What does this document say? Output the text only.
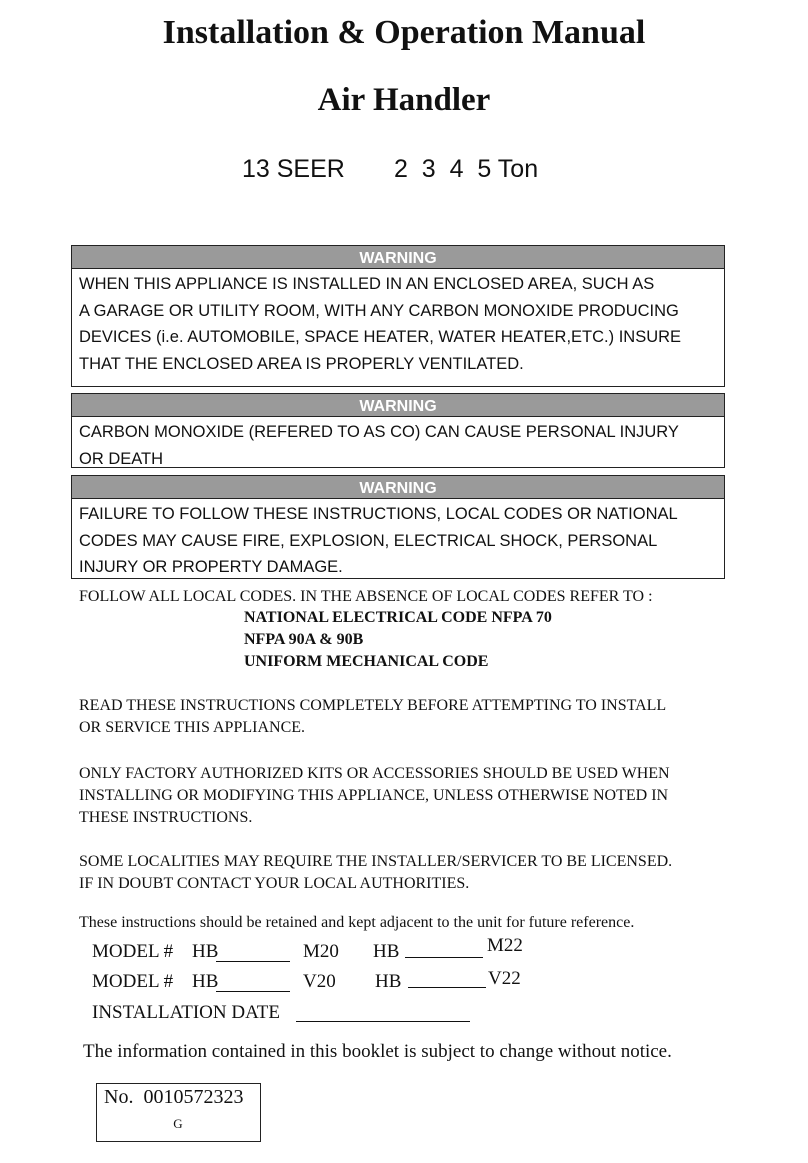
Installation & Operation Manual
Air Handler
13 SEER 2  3  4  5 Ton
WARNING
WHEN THIS APPLIANCE IS INSTALLED IN AN ENCLOSED AREA, SUCH AS
A GARAGE OR UTILITY ROOM, WITH ANY CARBON MONOXIDE PRODUCING
DEVICES (i.e. AUTOMOBILE, SPACE HEATER, WATER HEATER,ETC.) INSURE
THAT THE ENCLOSED AREA IS PROPERLY VENTILATED.
WARNING
CARBON MONOXIDE (REFERED TO AS CO) CAN CAUSE PERSONAL INJURY
OR DEATH
WARNING
FAILURE TO FOLLOW THESE INSTRUCTIONS, LOCAL CODES OR NATIONAL
CODES MAY CAUSE FIRE, EXPLOSION, ELECTRICAL SHOCK, PERSONAL
INJURY OR PROPERTY DAMAGE.
FOLLOW ALL LOCAL CODES. IN THE ABSENCE OF LOCAL CODES REFER TO :
NATIONAL ELECTRICAL CODE NFPA 70
NFPA 90A & 90B
UNIFORM MECHANICAL CODE
READ THESE INSTRUCTIONS COMPLETELY BEFORE ATTEMPTING TO INSTALL
OR SERVICE THIS APPLIANCE.
ONLY FACTORY AUTHORIZED KITS OR ACCESSORIES SHOULD BE USED WHEN
INSTALLING OR MODIFYING THIS APPLIANCE, UNLESS OTHERWISE NOTED IN
THESE INSTRUCTIONS.
SOME LOCALITIES MAY REQUIRE THE INSTALLER/SERVICER TO BE LICENSED.
IF IN DOUBT CONTACT YOUR LOCAL AUTHORITIES.
These instructions should be retained and kept adjacent to the unit for future reference.
MODEL # HB	M20 HB	M22
MODEL # HB	V20 HB	V22
INSTALLATION DATE
The information contained in this booklet is subject to change without notice.
No.  0010572323
G
